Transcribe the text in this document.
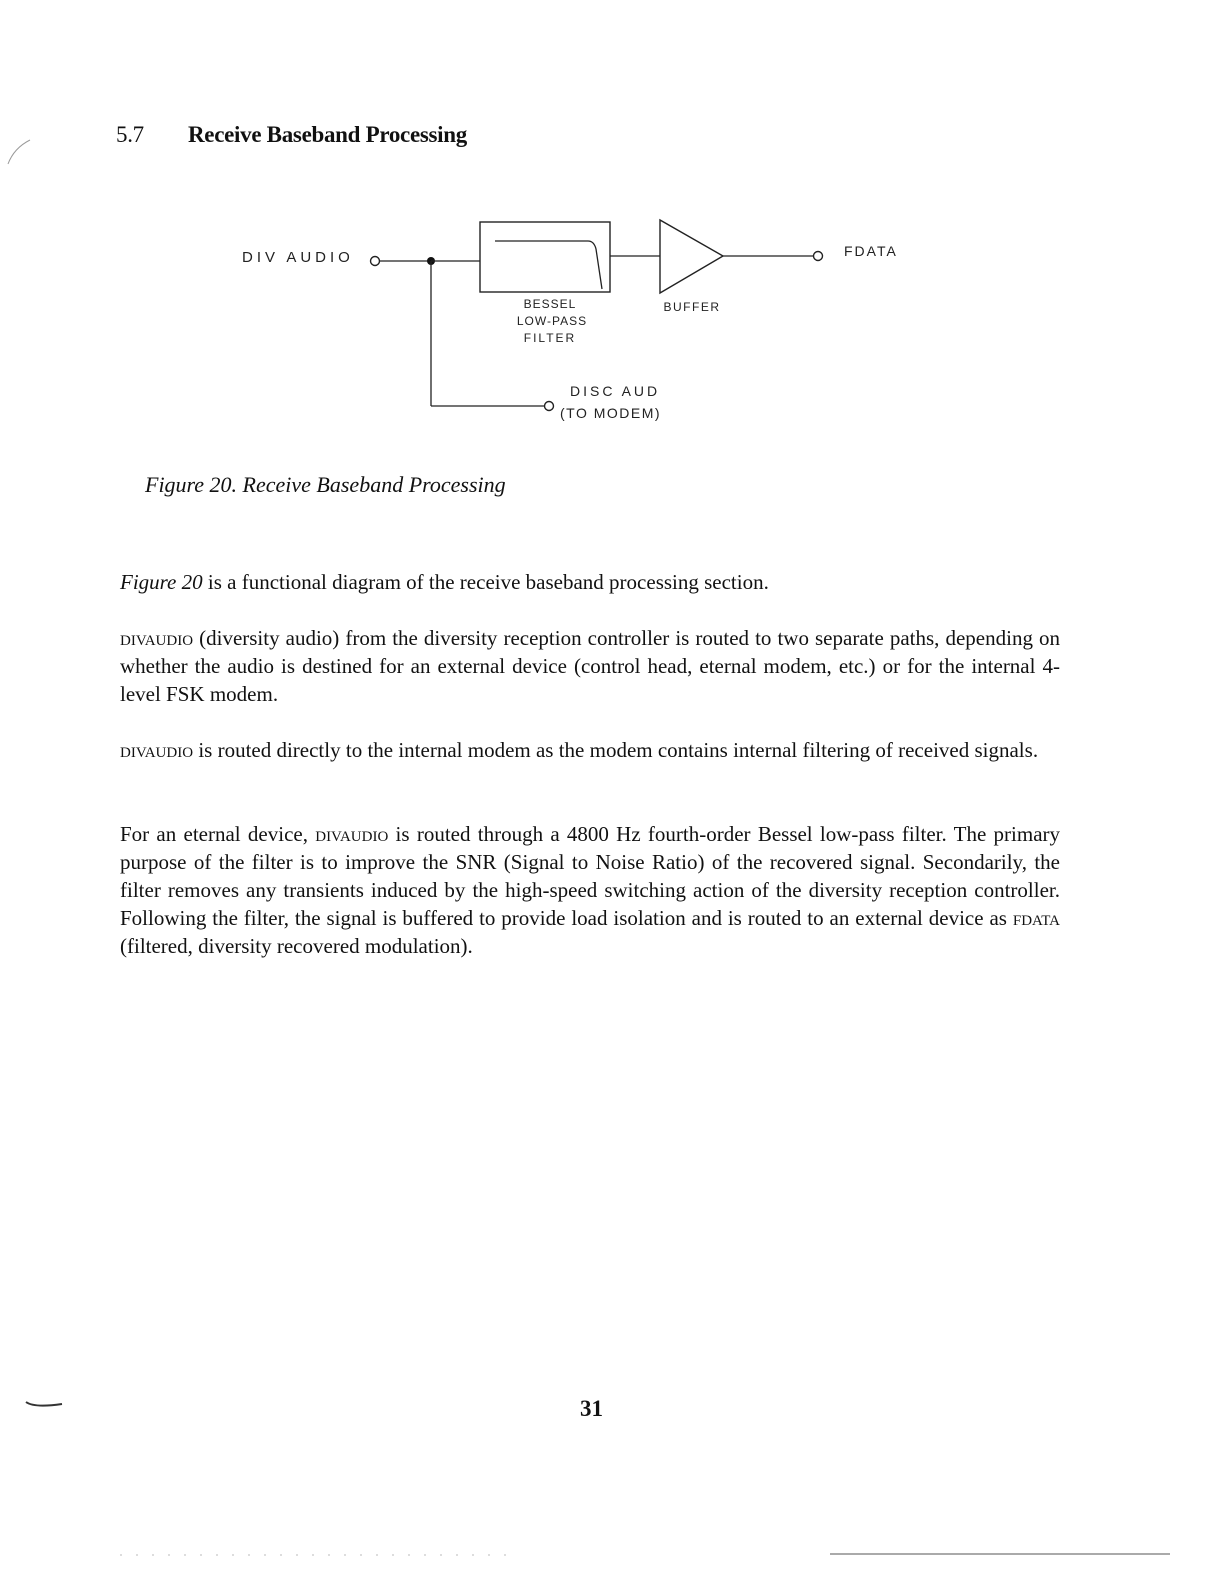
5.7 Receive Baseband Processing
DIV AUDIO
BESSEL
LOW-PASS
FILTER
BUFFER
FDATA
DISC AUD
(TO MODEM)
Figure 20. Receive Baseband Processing
Figure 20 is a functional diagram of the receive baseband processing section.
divaudio (diversity audio) from the diversity reception controller is routed to two separate paths, depending on whether the audio is destined for an external device (control head, eternal modem, etc.) or for the internal 4-level FSK modem.
divaudio is routed directly to the internal modem as the modem contains internal filtering of received signals.
For an eternal device, divaudio is routed through a 4800 Hz fourth-order Bessel low-pass filter. The primary purpose of the filter is to improve the SNR (Signal to Noise Ratio) of the recovered signal. Secondarily, the filter removes any transients induced by the high-speed switching action of the diversity reception controller. Following the filter, the signal is buffered to provide load isolation and is routed to an external device as fdata (filtered, diversity recovered modulation).
31
